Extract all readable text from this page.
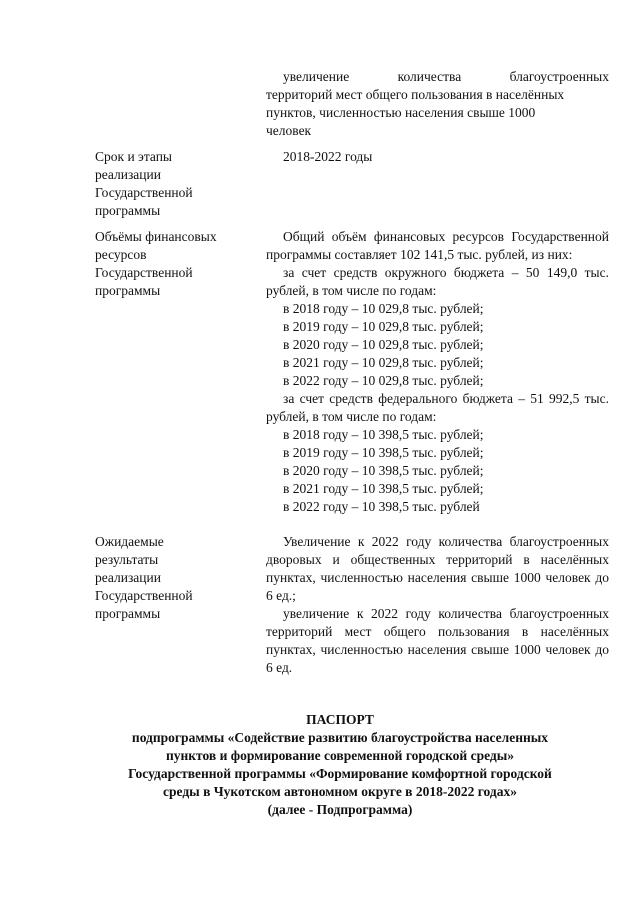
увеличение	количества	благоустроенных
территорий мест общего пользования в населённых
пунктов, численностью населения свыше 1000
человек
Срок и этапы
реализации
Государственной
программы

2018-2022 годы

Объёмы финансовых
ресурсов
Государственной
программы

Общий объём финансовых ресурсов Государственной программы составляет 102 141,5 тыс. рублей, из них:

за счет средств окружного бюджета – 50 149,0 тыс. рублей, в том числе по годам:

в 2018 году – 10 029,8 тыс. рублей;

в 2019 году – 10 029,8 тыс. рублей;

в 2020 году – 10 029,8 тыс. рублей;

в 2021 году – 10 029,8 тыс. рублей;

в 2022 году – 10 029,8 тыс. рублей;

за счет средств федерального бюджета – 51 992,5 тыс. рублей, в том числе по годам:

в 2018 году – 10 398,5 тыс. рублей;

в 2019 году – 10 398,5 тыс. рублей;

в 2020 году – 10 398,5 тыс. рублей;

в 2021 году – 10 398,5 тыс. рублей;

в 2022 году – 10 398,5 тыс. рублей

Ожидаемые
результаты
реализации
Государственной
программы

Увеличение к 2022 году количества благоустроенных дворовых и общественных территорий в населённых пунктах, численностью населения свыше 1000 человек до 6 ед.;

увеличение к 2022 году количества благоустроенных территорий мест общего пользования в населённых пунктах, численностью населения свыше 1000 человек до 6 ед.

ПАСПОРТ
подпрограммы «Содействие развитию благоустройства населенных
пунктов и формирование современной городской среды»
Государственной программы «Формирование комфортной городской
среды в Чукотском автономном округе в 2018-2022 годах»
(далее - Подпрограмма)
